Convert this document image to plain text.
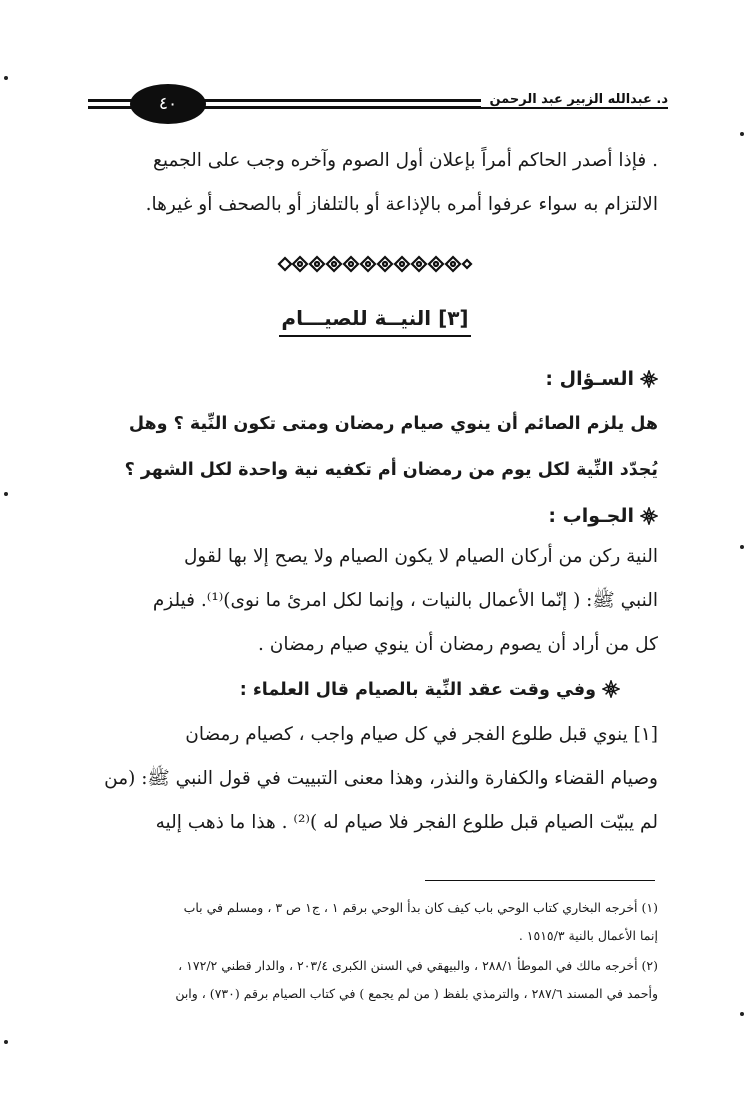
د. عبدالله الزبير عبد الرحمن
٤٠
. فإذا أصدر الحاكم أمراً بإعلان أول الصوم وآخره وجب على الجميع
الالتزام به سواء عرفوا أمره بالإذاعة أو بالتلفاز أو بالصحف أو غيرها.
[٣] النيــة للصيـــام
السـؤال :
هل يلزم الصائم أن ينوي صيام رمضان ومتى تكون النِّية ؟ وهل
يُجدّد النِّية لكل يوم من رمضان أم تكفيه نية واحدة لكل الشهر ؟
الجـواب :
النية ركن من أركان الصيام لا يكون الصيام ولا يصح إلا بها لقول
النبي ﷺ: ( إنّما الأعمال بالنيات ، وإنما لكل امرئ ما نوى)⁽¹⁾. فيلزم
كل من أراد أن يصوم رمضان أن ينوي صيام رمضان .
وفي وقت عقد النِّية بالصيام قال العلماء :
[١] ينوي قبل طلوع الفجر في كل صيام واجب ، كصيام رمضان
وصيام القضاء والكفارة والنذر، وهذا معنى التبييت في قول النبي ﷺ: (من
لم يبيّت الصيام قبل طلوع الفجر فلا صيام له )⁽²⁾ . هذا ما ذهب إليه
(١) أخرجه البخاري كتاب الوحي باب كيف كان بدأ الوحي برقم ١ ، ج١ ص ٣ ، ومسلم في باب
إنما الأعمال بالنية ١٥١٥/٣ .
(٢) أخرجه مالك في الموطأ ٢٨٨/١ ، والبيهقي في السنن الكبرى ٢٠٣/٤ ، والدار قطني ١٧٢/٢ ،
وأحمد في المسند ٢٨٧/٦ ، والترمذي بلفظ ( من لم يجمع ) في كتاب الصيام برقم (٧٣٠) ، وابن
